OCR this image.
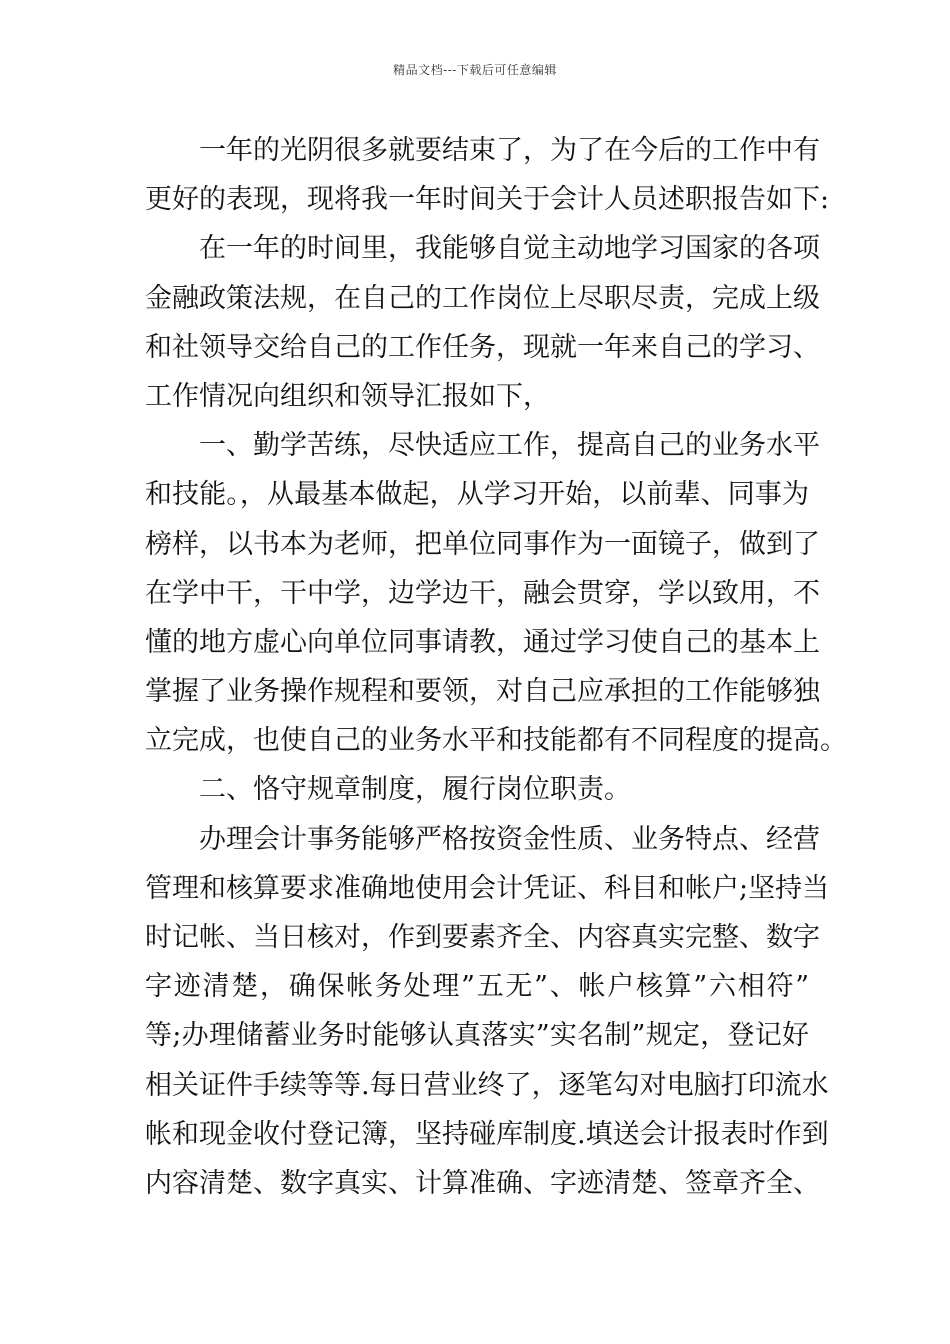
精品文档---下载后可任意编辑
一年的光阴很多就要结束了，为了在今后的工作中有
更好的表现，现将我一年时间关于会计人员述职报告如下:
在一年的时间里，我能够自觉主动地学习国家的各项
金融政策法规，在自己的工作岗位上尽职尽责，完成上级
和社领导交给自己的工作任务，现就一年来自己的学习、
工作情况向组织和领导汇报如下，
一、勤学苦练，尽快适应工作，提高自己的业务水平
和技能。，从最基本做起，从学习开始，以前辈、同事为
榜样，以书本为老师，把单位同事作为一面镜子，做到了
在学中干，干中学，边学边干，融会贯穿，学以致用，不
懂的地方虚心向单位同事请教，通过学习使自己的基本上
掌握了业务操作规程和要领，对自己应承担的工作能够独
立完成，也使自己的业务水平和技能都有不同程度的提高。
二、恪守规章制度，履行岗位职责。
办理会计事务能够严格按资金性质、业务特点、经营
管理和核算要求准确地使用会计凭证、科目和帐户;坚持当
时记帐、当日核对，作到要素齐全、内容真实完整、数字
字迹清楚，确保帐务处理”五无”、帐户核算”六相符”
等;办理储蓄业务时能够认真落实”实名制”规定，登记好
相关证件手续等等.每日营业终了，逐笔勾对电脑打印流水
帐和现金收付登记簿，坚持碰库制度.填送会计报表时作到
内容清楚、数字真实、计算准确、字迹清楚、签章齐全、
